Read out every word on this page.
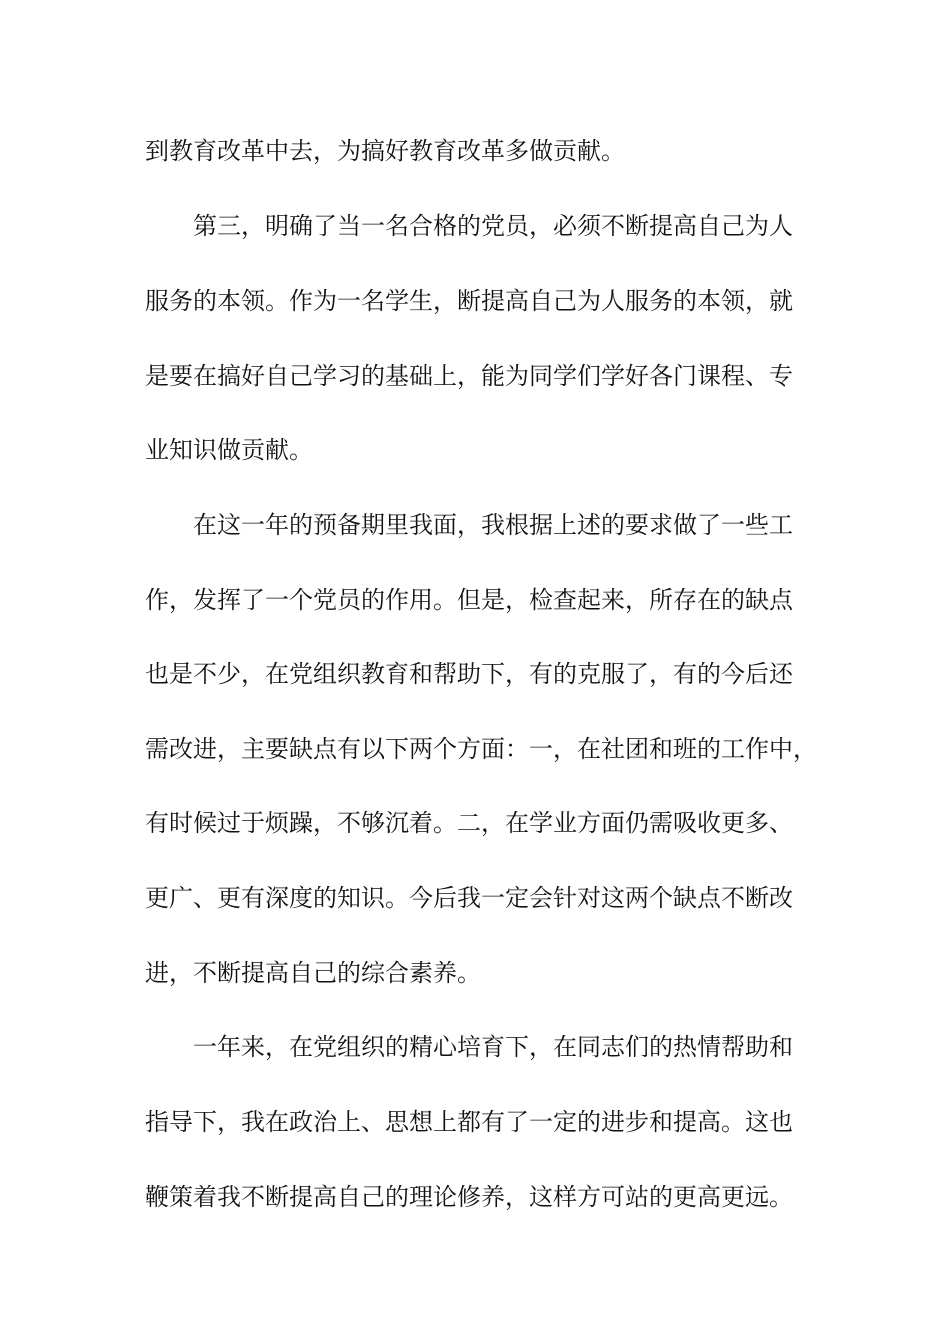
到教育改革中去，为搞好教育改革多做贡献。
第三，明确了当一名合格的党员，必须不断提高自己为人
服务的本领。作为一名学生，断提高自己为人服务的本领，就
是要在搞好自己学习的基础上，能为同学们学好各门课程、专
业知识做贡献。
在这一年的预备期里我面，我根据上述的要求做了一些工
作，发挥了一个党员的作用。但是，检查起来，所存在的缺点
也是不少，在党组织教育和帮助下，有的克服了，有的今后还
需改进，主要缺点有以下两个方面：一，在社团和班的工作中，
有时候过于烦躁，不够沉着。二，在学业方面仍需吸收更多、
更广、更有深度的知识。今后我一定会针对这两个缺点不断改
进，不断提高自己的综合素养。
一年来，在党组织的精心培育下，在同志们的热情帮助和
指导下，我在政治上、思想上都有了一定的进步和提高。这也
鞭策着我不断提高自己的理论修养，这样方可站的更高更远。
